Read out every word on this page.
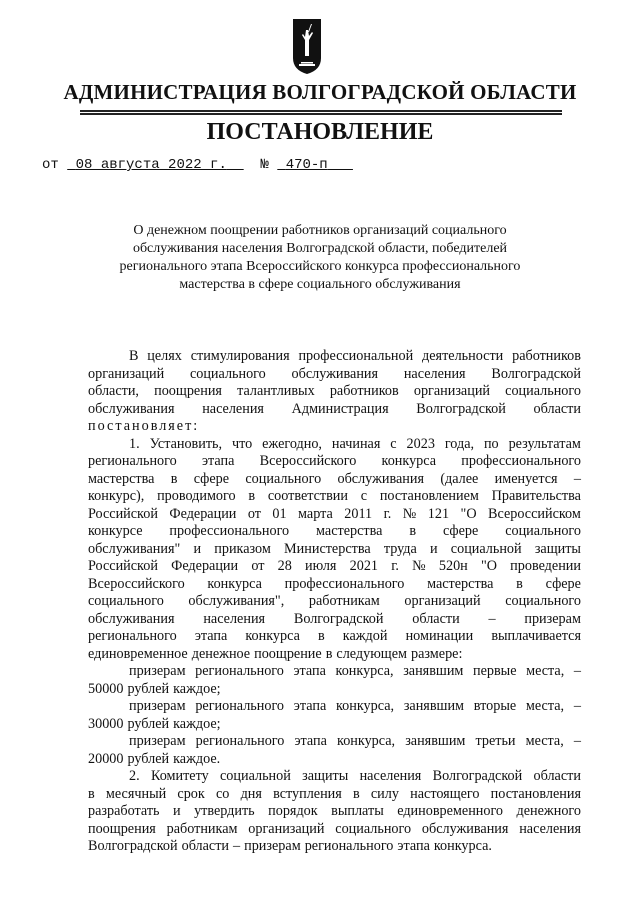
АДМИНИСТРАЦИЯ ВОЛГОГРАДСКОЙ ОБЛАСТИ
ПОСТАНОВЛЕНИЕ
от 08 августа 2022 г. № 470-п
О денежном поощрении работников организаций социального
обслуживания населения Волгоградской области, победителей
регионального этапа Всероссийского конкурса профессионального
мастерства в сфере социального обслуживания
В целях стимулирования профессиональной деятельности работников
организаций социального обслуживания населения Волгоградской
области, поощрения талантливых работников организаций социального
обслуживания населения Администрация Волгоградской области
постановляет:
1. Установить, что ежегодно, начиная с 2023 года, по результатам
регионального этапа Всероссийского конкурса профессионального
мастерства в сфере социального обслуживания (далее именуется –
конкурс), проводимого в соответствии с постановлением Правительства
Российской Федерации от 01 марта 2011 г. № 121 "О Всероссийском
конкурсе профессионального мастерства в сфере социального
обслуживания" и приказом Министерства труда и социальной защиты
Российской Федерации от 28 июля 2021 г. № 520н "О проведении
Всероссийского конкурса профессионального мастерства в сфере
социального обслуживания", работникам организаций социального
обслуживания населения Волгоградской области – призерам
регионального этапа конкурса в каждой номинации выплачивается
единовременное денежное поощрение в следующем размере:
призерам регионального этапа конкурса, занявшим первые места, –
50000 рублей каждое;
призерам регионального этапа конкурса, занявшим вторые места, –
30000 рублей каждое;
призерам регионального этапа конкурса, занявшим третьи места, –
20000 рублей каждое.
2. Комитету социальной защиты населения Волгоградской области
в месячный срок со дня вступления в силу настоящего постановления
разработать и утвердить порядок выплаты единовременного денежного
поощрения работникам организаций социального обслуживания населения
Волгоградской области – призерам регионального этапа конкурса.
